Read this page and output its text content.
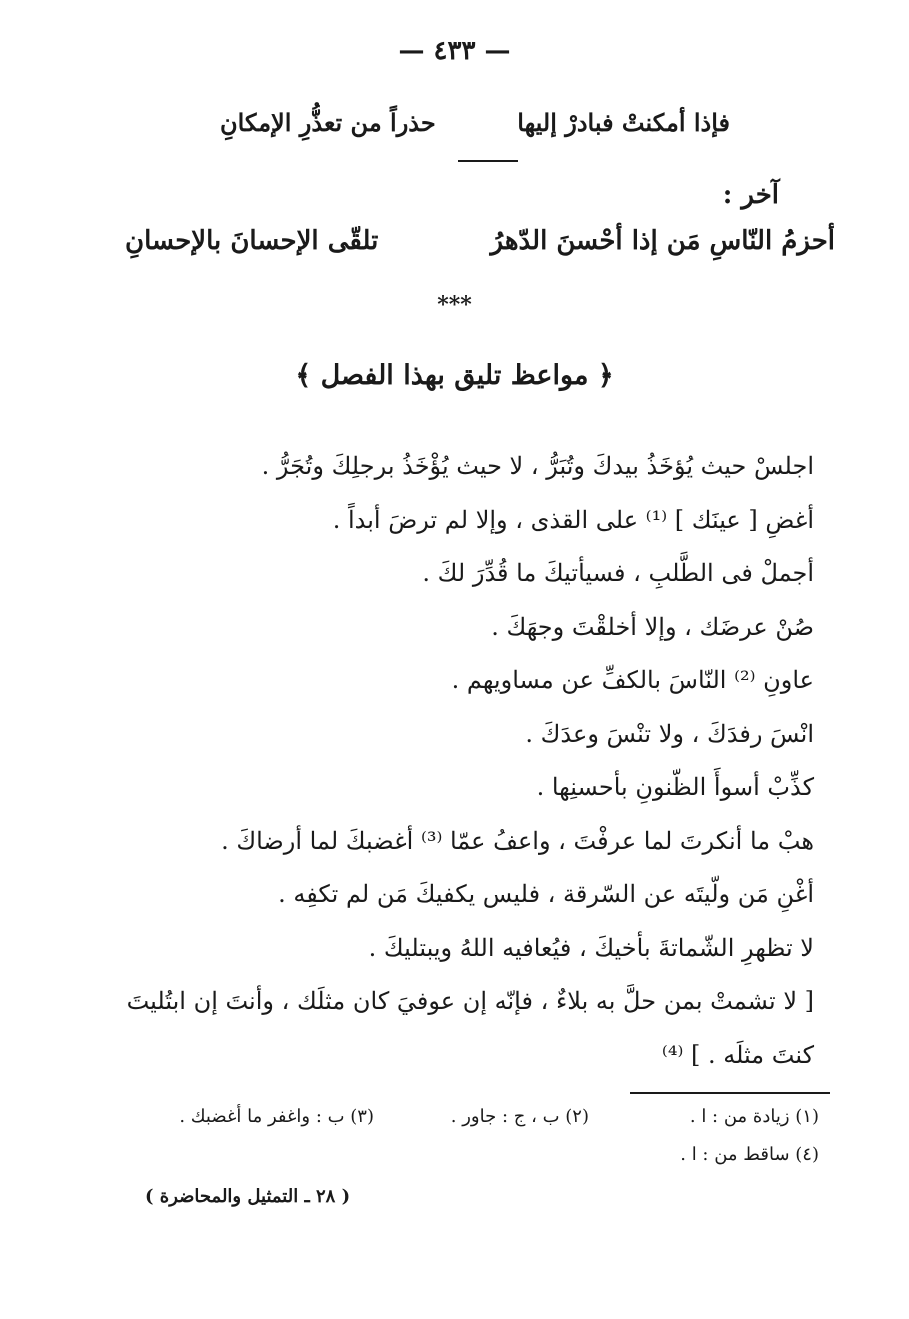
— ٤٣٣ —
فإذا أمكنتْ فبادرْ إليها
حذراً من تعذُّرِ الإمكانِ
آخر :
أحزمُ النّاسِ مَن إذا أحْسنَ الدّهرُ
تلقّى الإحسانَ بالإحسانِ
***
﴿ مواعظ تليق بهذا الفصل ﴾
اجلسْ حيث يُؤخَذُ بيدكَ وتُبَرُّ ، لا حيث يُؤْخَذُ برجلِكَ وتُجَرُّ .
أغضِ [ عينَك ] ⁽¹⁾ على القذى ، وإلا لم ترضَ أبداً .
أجملْ فى الطَّلبِ ، فسيأتيكَ ما قُدِّرَ لكَ .
صُنْ عرضَك ، وإلا أخلقْتَ وجهَكَ .
عاونِ ⁽²⁾ النّاسَ بالكفِّ عن مساويهم .
انْسَ رفدَكَ ، ولا تنْسَ وعدَكَ .
كذِّبْ أسوأَ الظّنونِ بأحسنِها .
هبْ ما أنكرتَ لما عرفْتَ ، واعفُ عمّا ⁽³⁾ أغضبكَ لما أرضاكَ .
أغْنِ مَن ولّيتَه عن السّرقة ، فليس يكفيكَ مَن لم تكفِه .
لا تظهرِ الشّماتةَ بأخيكَ ، فيُعافيه اللهُ ويبتليكَ .
[ لا تشمتْ بمن حلَّ به بلاءٌ ، فإنّه إن عوفيَ كان مثلَك ، وأنتَ إن ابتُليتَ كنتَ مثلَه . ] ⁽⁴⁾
(١) زيادة من : ا .
(٢) ب ، ج : جاور .
(٣) ب : واغفر ما أغضبك .
(٤) ساقط من : ا .
( ٢٨ ـ التمثيل والمحاضرة )
